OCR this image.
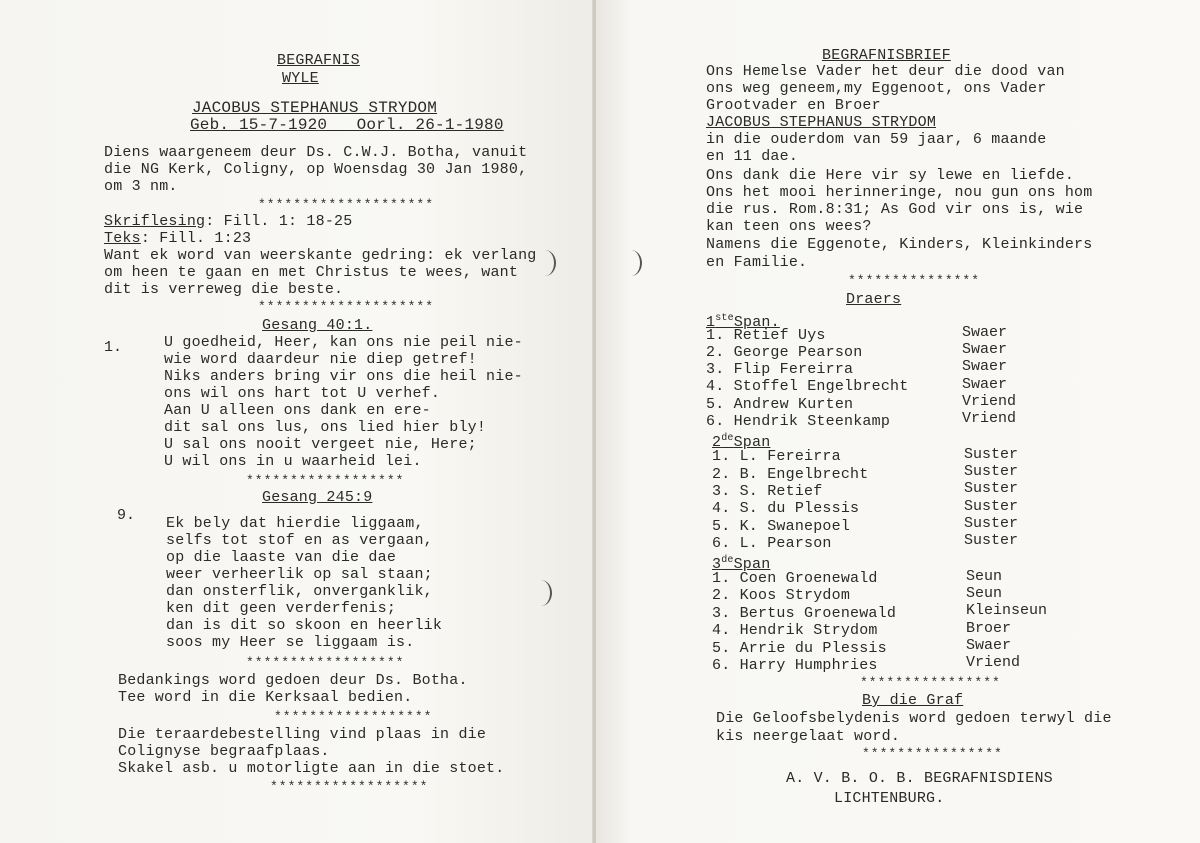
BEGRAFNIS
WYLE
JACOBUS STEPHANUS STRYDOM
Geb. 15-7-1920   Oorl. 26-1-1980
Diens waargeneem deur Ds. C.W.J. Botha, vanuit
die NG Kerk, Coligny, op Woensdag 30 Jan 1980,
om 3 nm.
********************
Skriflesing: Fill. 1: 18-25
Teks: Fill. 1:23
Want ek word van weerskante gedring: ek verlang
om heen te gaan en met Christus te wees, want
dit is verreweg die beste.
********************
Gesang 40:1.
1.	U goedheid, Heer, kan ons nie peil nie-
wie word daardeur nie diep getref!
Niks anders bring vir ons die heil nie-
ons wil ons hart tot U verhef.
Aan U alleen ons dank en ere-
dit sal ons lus, ons lied hier bly!
U sal ons nooit vergeet nie, Here;
U wil ons in u waarheid lei.
******************
Gesang 245:9
9. Ek bely dat hierdie liggaam,
selfs tot stof en as vergaan,
op die laaste van die dae
weer verheerlik op sal staan;
dan onsterflik, onverganklik,
ken dit geen verderfenis;
dan is dit so skoon en heerlik
soos my Heer se liggaam is.
******************
Bedankings word gedoen deur Ds. Botha.
Tee word in die Kerksaal bedien.
******************
Die teraardebestelling vind plaas in die
Colignyse begraafplaas.
Skakel asb. u motorligte aan in die stoet.
******************
BEGRAFNISBRIEF
Ons Hemelse Vader het deur die dood van
ons weg geneem,my Eggenoot, ons Vader
Grootvader en Broer
JACOBUS STEPHANUS STRYDOM
in die ouderdom van 59 jaar, 6 maande
en 11 dae.
Ons dank die Here vir sy lewe en liefde.
Ons het mooi herinneringe, nou gun ons hom
die rus. Rom.8:31; As God vir ons is, wie
kan teen ons wees?
Namens die Eggenote, Kinders, Kleinkinders
en Familie.
***************
Draers
1steSpan.
1. Retief Uys	Swaer
2. George Pearson	Swaer
3. Flip Fereirra	Swaer
4. Stoffel Engelbrecht	Swaer
5. Andrew Kurten	Vriend
6. Hendrik Steenkamp	Vriend
2deSpan
1. L. Fereirra	Suster
2. B. Engelbrecht	Suster
3. S. Retief	Suster
4. S. du Plessis	Suster
5. K. Swanepoel	Suster
6. L. Pearson	Suster
3deSpan
1. Coen Groenewald	Seun
2. Koos Strydom	Seun
3. Bertus Groenewald	Kleinseun
4. Hendrik Strydom	Broer
5. Arrie du Plessis	Swaer
6. Harry Humphries	Vriend
****************
By die Graf
Die Geloofsbelydenis word gedoen terwyl die
kis neergelaat word.
****************
A. V. B. O. B. BEGRAFNISDIENS
LICHTENBURG.
